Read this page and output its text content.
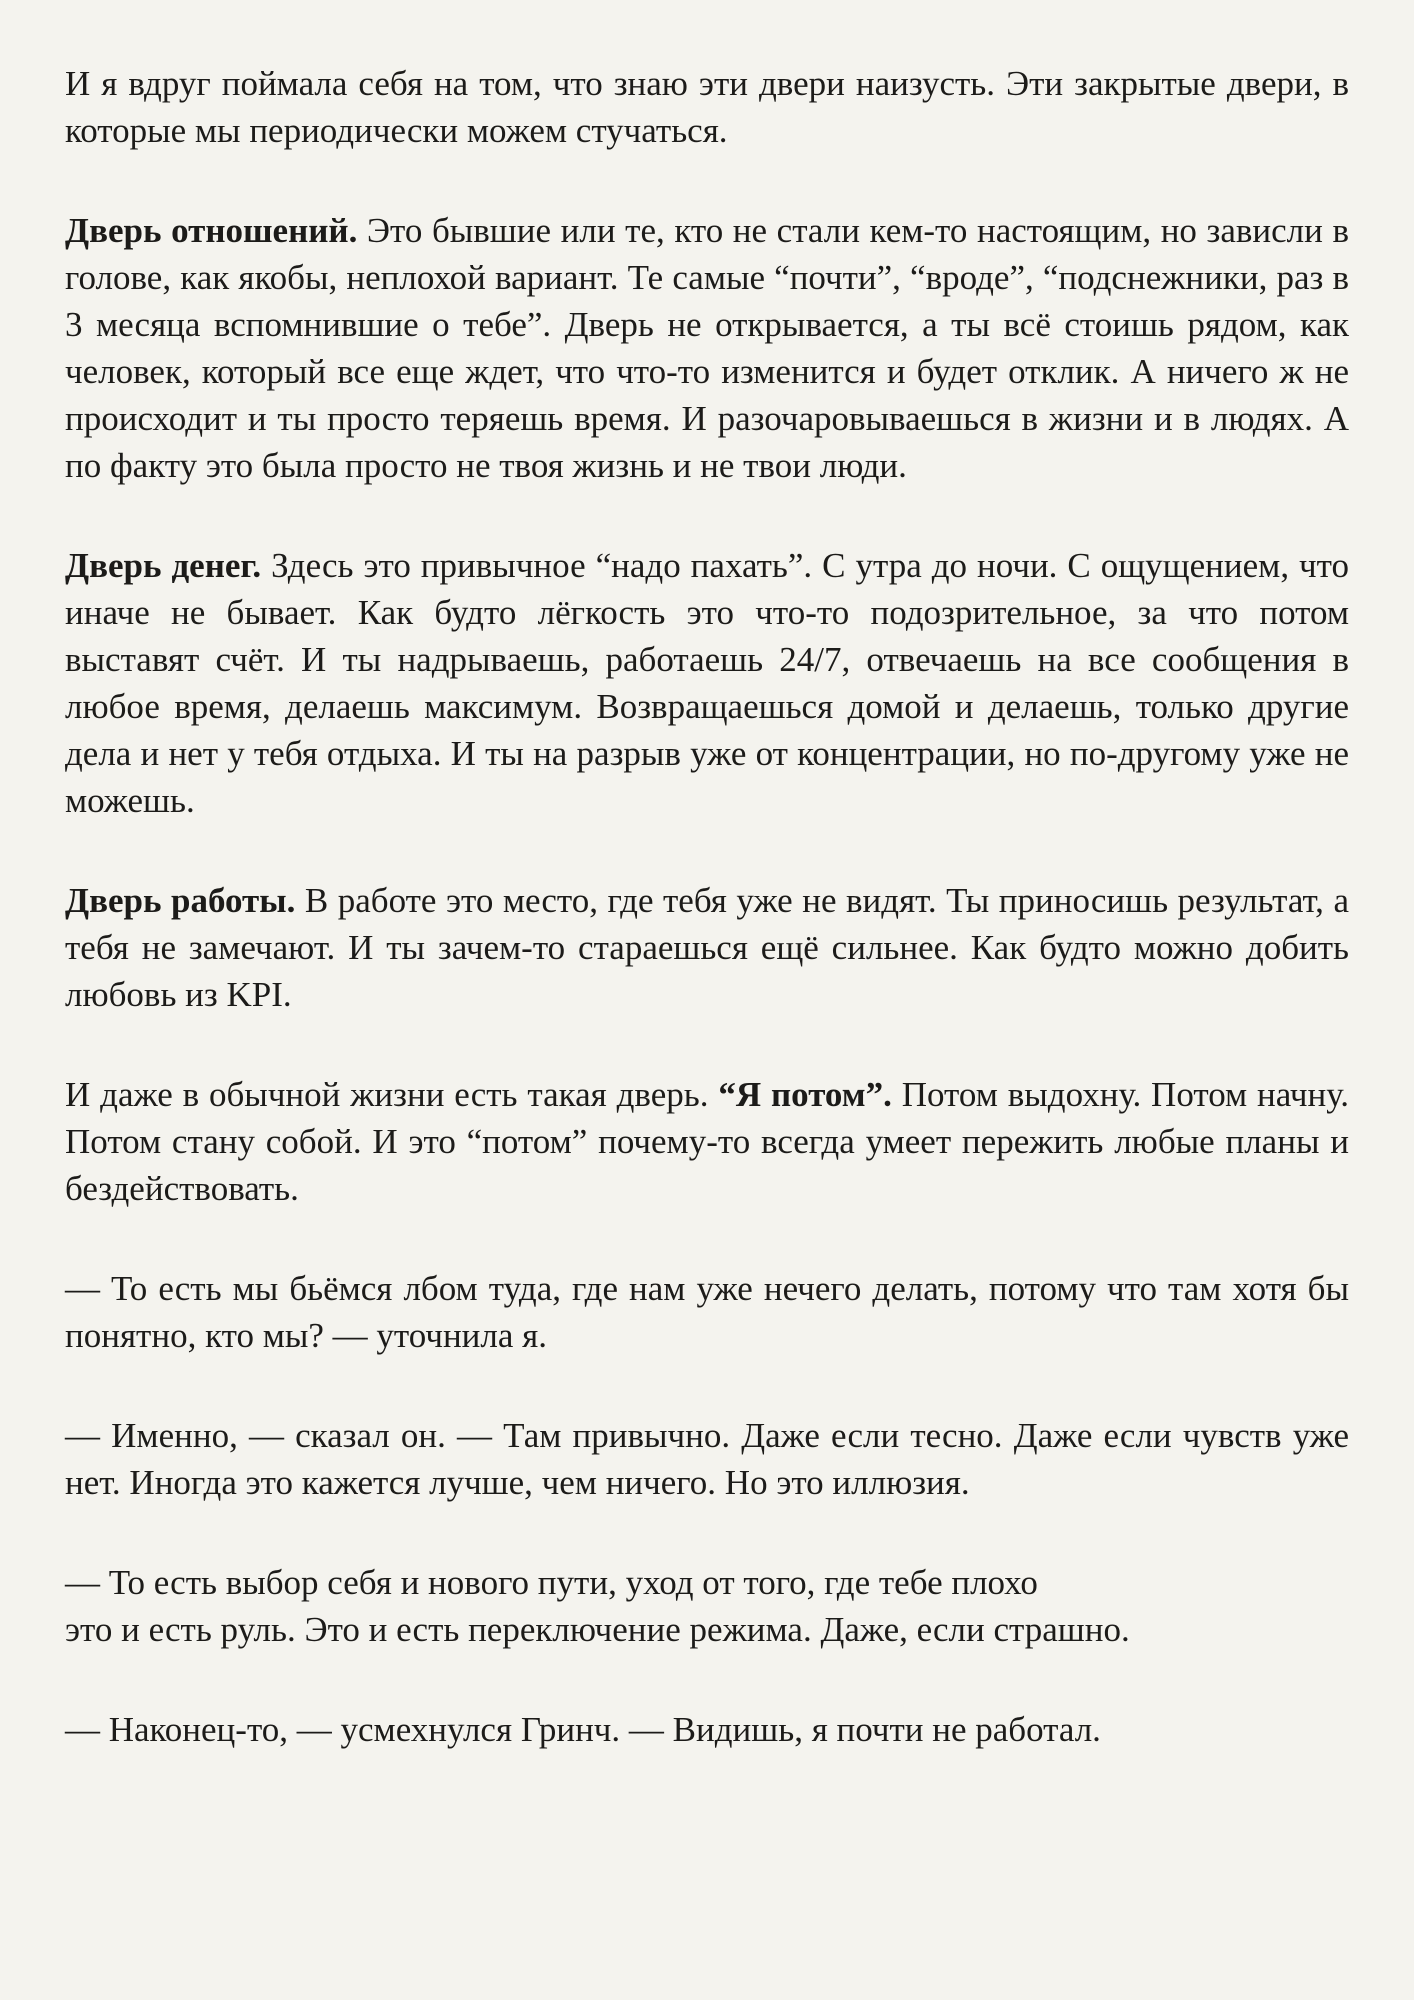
И я вдруг поймала себя на том, что знаю эти двери наизусть. Эти закрытые двери, в которые мы периодически можем стучаться.

Дверь отношений. Это бывшие или те, кто не стали кем-то настоящим, но зависли в голове, как якобы, неплохой вариант. Те самые “почти”, “вроде”, “подснежники, раз в 3 месяца вспомнившие о тебе”. Дверь не открывается, а ты всё стоишь рядом, как человек, который все еще ждет, что что-то изменится и будет отклик. А ничего ж не происходит и ты просто теряешь время. И разочаровываешься в жизни и в людях. А по факту это была просто не твоя жизнь и не твои люди.

Дверь денег. Здесь это привычное “надо пахать”. С утра до ночи. С ощущением, что иначе не бывает. Как будто лёгкость это что-то подозрительное, за что потом выставят счёт. И ты надрываешь, работаешь 24/7, отвечаешь на все сообщения в любое время, делаешь максимум. Возвращаешься домой и делаешь, только другие дела и нет у тебя отдыха. И ты на разрыв уже от концентрации, но по-другому уже не можешь.

Дверь работы. В работе это место, где тебя уже не видят. Ты приносишь результат, а тебя не замечают. И ты зачем-то стараешься ещё сильнее. Как будто можно добить любовь из KPI.

И даже в обычной жизни есть такая дверь. “Я потом”. Потом выдохну. Потом начну. Потом стану собой. И это “потом” почему-то всегда умеет пережить любые планы и бездействовать.

— То есть мы бьёмся лбом туда, где нам уже нечего делать, потому что там хотя бы понятно, кто мы? — уточнила я.

— Именно, — сказал он. — Там привычно. Даже если тесно. Даже если чувств уже нет. Иногда это кажется лучше, чем ничего. Но это иллюзия.

— То есть выбор себя и нового пути, уход от того, где тебе плохо
это и есть руль. Это и есть переключение режима. Даже, если страшно.

— Наконец-то, — усмехнулся Гринч. — Видишь, я почти не работал.
